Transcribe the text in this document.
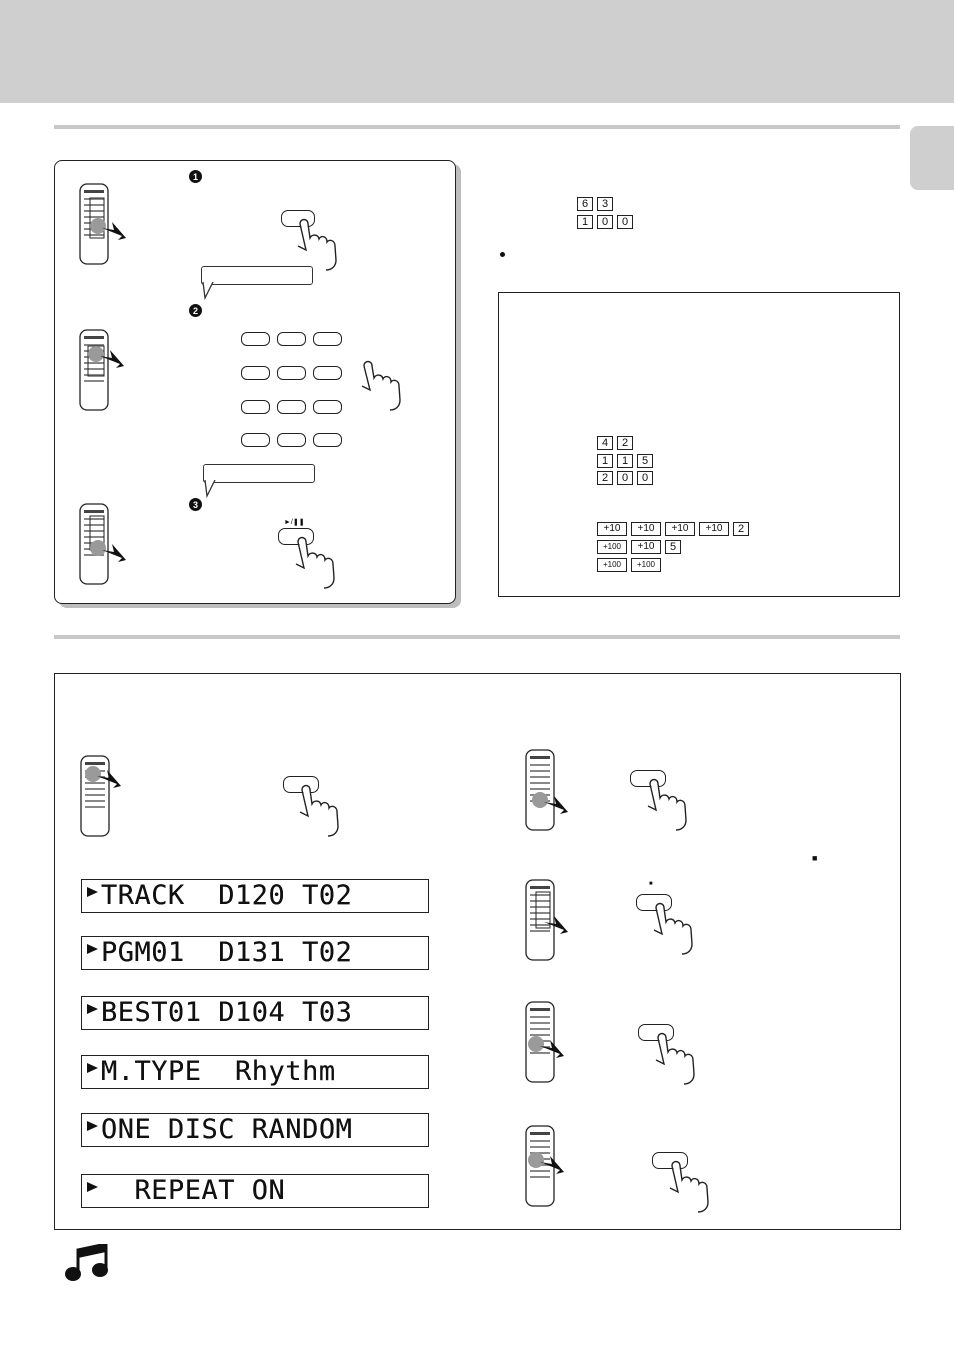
1
2
3
►/❚❚
6	3
1	0	0
4	2
1	1	5
2	0	0
+10	+10	+10	+10	2
+100	+10	5
+100	+100
TRACK  D120 T02
PGM01  D131 T02
BEST01 D104 T03
M.TYPE  Rhythm
ONE DISC RANDOM
REPEAT ON
■
■
